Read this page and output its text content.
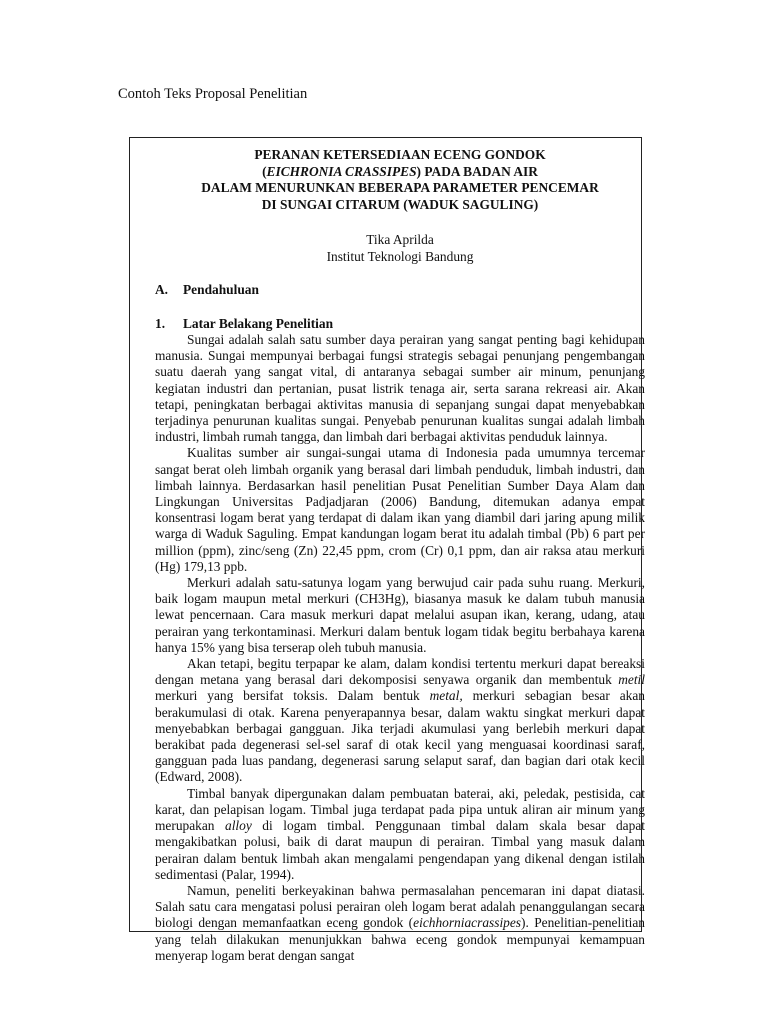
Contoh Teks Proposal Penelitian
PERANAN KETERSEDIAAN ECENG GONDOK
(EICHRONIA CRASSIPES) PADA BADAN AIR
DALAM MENURUNKAN BEBERAPA PARAMETER PENCEMAR
DI SUNGAI CITARUM (WADUK SAGULING)
Tika Aprilda
Institut Teknologi Bandung
A. Pendahuluan
1. Latar Belakang Penelitian

Sungai adalah salah satu sumber daya perairan yang sangat penting bagi kehidupan manusia. Sungai mempunyai berbagai fungsi strategis sebagai penunjang pengembangan suatu daerah yang sangat vital, di antaranya sebagai sumber air minum, penunjang kegiatan industri dan pertanian, pusat listrik tenaga air, serta sarana rekreasi air. Akan tetapi, peningkatan berbagai aktivitas manusia di sepanjang sungai dapat menyebabkan terjadinya penurunan kualitas sungai. Penyebab penurunan kualitas sungai adalah limbah industri, limbah rumah tangga, dan limbah dari berbagai aktivitas penduduk lainnya.

Kualitas sumber air sungai-sungai utama di Indonesia pada umumnya tercemar sangat berat oleh limbah organik yang berasal dari limbah penduduk, limbah industri, dan limbah lainnya. Berdasarkan hasil penelitian Pusat Penelitian Sumber Daya Alam dan Lingkungan Universitas Padjadjaran (2006) Bandung, ditemukan adanya empat konsentrasi logam berat yang terdapat di dalam ikan yang diambil dari jaring apung milik warga di Waduk Saguling. Empat kandungan logam berat itu adalah timbal (Pb) 6 part per million (ppm), zinc/seng (Zn) 22,45 ppm, crom (Cr) 0,1 ppm, dan air raksa atau merkuri (Hg) 179,13 ppb.

Merkuri adalah satu-satunya logam yang berwujud cair pada suhu ruang. Merkuri, baik logam maupun metal merkuri (CH3Hg), biasanya masuk ke dalam tubuh manusia lewat pencernaan. Cara masuk merkuri dapat melalui asupan ikan, kerang, udang, atau perairan yang terkontaminasi. Merkuri dalam bentuk logam tidak begitu berbahaya karena hanya 15% yang bisa terserap oleh tubuh manusia.

Akan tetapi, begitu terpapar ke alam, dalam kondisi tertentu merkuri dapat bereaksi dengan metana yang berasal dari dekomposisi senyawa organik dan membentuk metil merkuri yang bersifat toksis. Dalam bentuk metal, merkuri sebagian besar akan berakumulasi di otak. Karena penyerapannya besar, dalam waktu singkat merkuri dapat menyebabkan berbagai gangguan. Jika terjadi akumulasi yang berlebih merkuri dapat berakibat pada degenerasi sel-sel saraf di otak kecil yang menguasai koordinasi saraf, gangguan pada luas pandang, degenerasi sarung selaput saraf, dan bagian dari otak kecil (Edward, 2008).

Timbal banyak dipergunakan dalam pembuatan baterai, aki, peledak, pestisida, cat karat, dan pelapisan logam. Timbal juga terdapat pada pipa untuk aliran air minum yang merupakan alloy di logam timbal. Penggunaan timbal dalam skala besar dapat mengakibatkan polusi, baik di darat maupun di perairan. Timbal yang masuk dalam perairan dalam bentuk limbah akan mengalami pengendapan yang dikenal dengan istilah sedimentasi (Palar, 1994).

Namun, peneliti berkeyakinan bahwa permasalahan pencemaran ini dapat diatasi. Salah satu cara mengatasi polusi perairan oleh logam berat adalah penanggulangan secara biologi dengan memanfaatkan eceng gondok (eichhorniacrassipes). Penelitian-penelitian yang telah dilakukan menunjukkan bahwa eceng gondok mempunyai kemampuan menyerap logam berat dengan sangat
